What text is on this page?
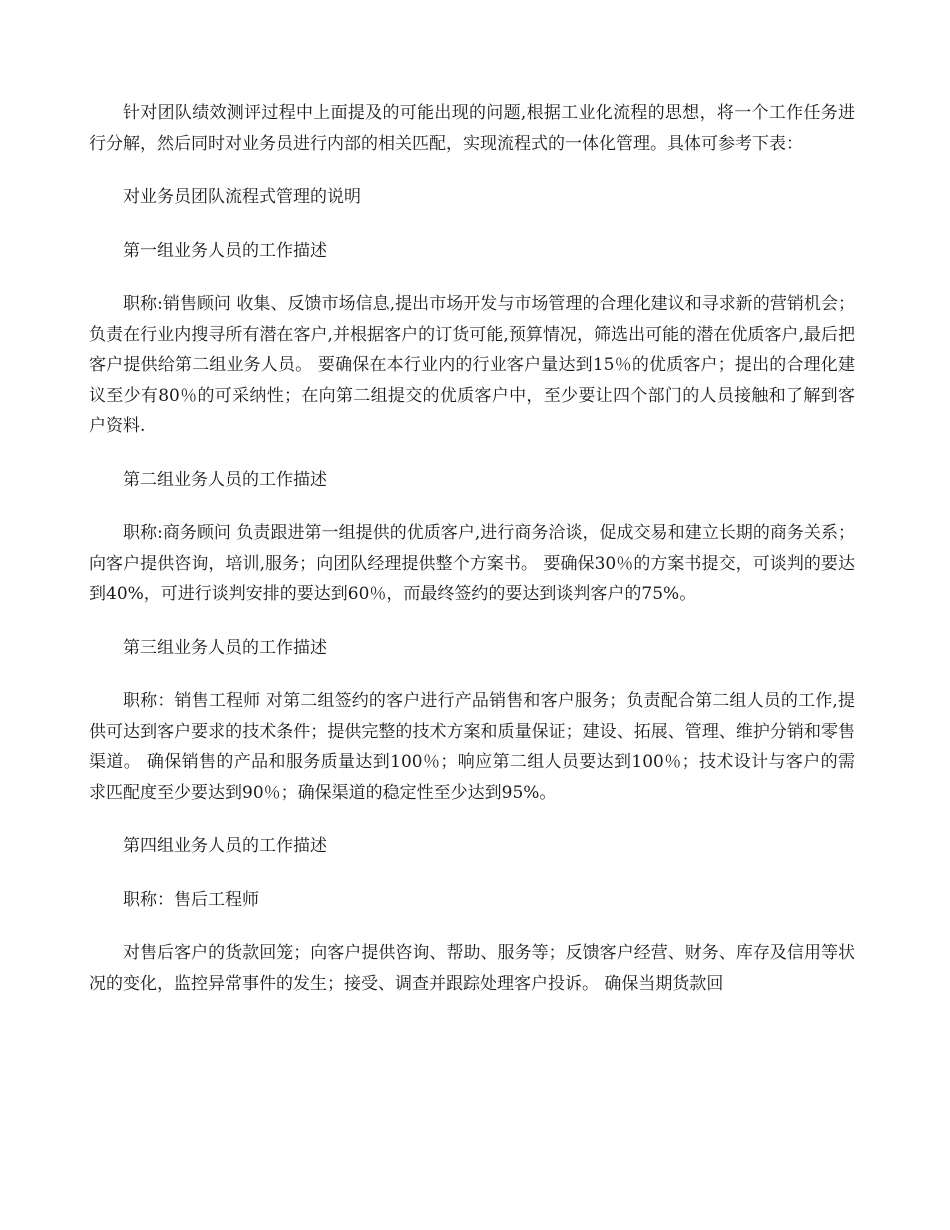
针对团队绩效测评过程中上面提及的可能出现的问题,根据工业化流程的思想，将一个工作任务进行分解，然后同时对业务员进行内部的相关匹配，实现流程式的一体化管理。具体可参考下表：

对业务员团队流程式管理的说明

第一组业务人员的工作描述

职称:销售顾问 收集、反馈市场信息,提出市场开发与市场管理的合理化建议和寻求新的营销机会；负责在行业内搜寻所有潜在客户,并根据客户的订货可能,预算情况，筛选出可能的潜在优质客户,最后把客户提供给第二组业务人员。 要确保在本行业内的行业客户量达到15％的优质客户；提出的合理化建议至少有80％的可采纳性；在向第二组提交的优质客户中，至少要让四个部门的人员接触和了解到客户资料.

第二组业务人员的工作描述

职称:商务顾问 负责跟进第一组提供的优质客户,进行商务洽谈，促成交易和建立长期的商务关系；向客户提供咨询，培训,服务；向团队经理提供整个方案书。 要确保30％的方案书提交，可谈判的要达到40%，可进行谈判安排的要达到60％，而最终签约的要达到谈判客户的75%。

第三组业务人员的工作描述

职称：销售工程师 对第二组签约的客户进行产品销售和客户服务；负责配合第二组人员的工作,提供可达到客户要求的技术条件；提供完整的技术方案和质量保证；建设、拓展、管理、维护分销和零售渠道。 确保销售的产品和服务质量达到100％；响应第二组人员要达到100％；技术设计与客户的需求匹配度至少要达到90％；确保渠道的稳定性至少达到95%。

第四组业务人员的工作描述

职称：售后工程师

对售后客户的货款回笼；向客户提供咨询、帮助、服务等；反馈客户经营、财务、库存及信用等状况的变化，监控异常事件的发生；接受、调查并跟踪处理客户投诉。 确保当期货款回
